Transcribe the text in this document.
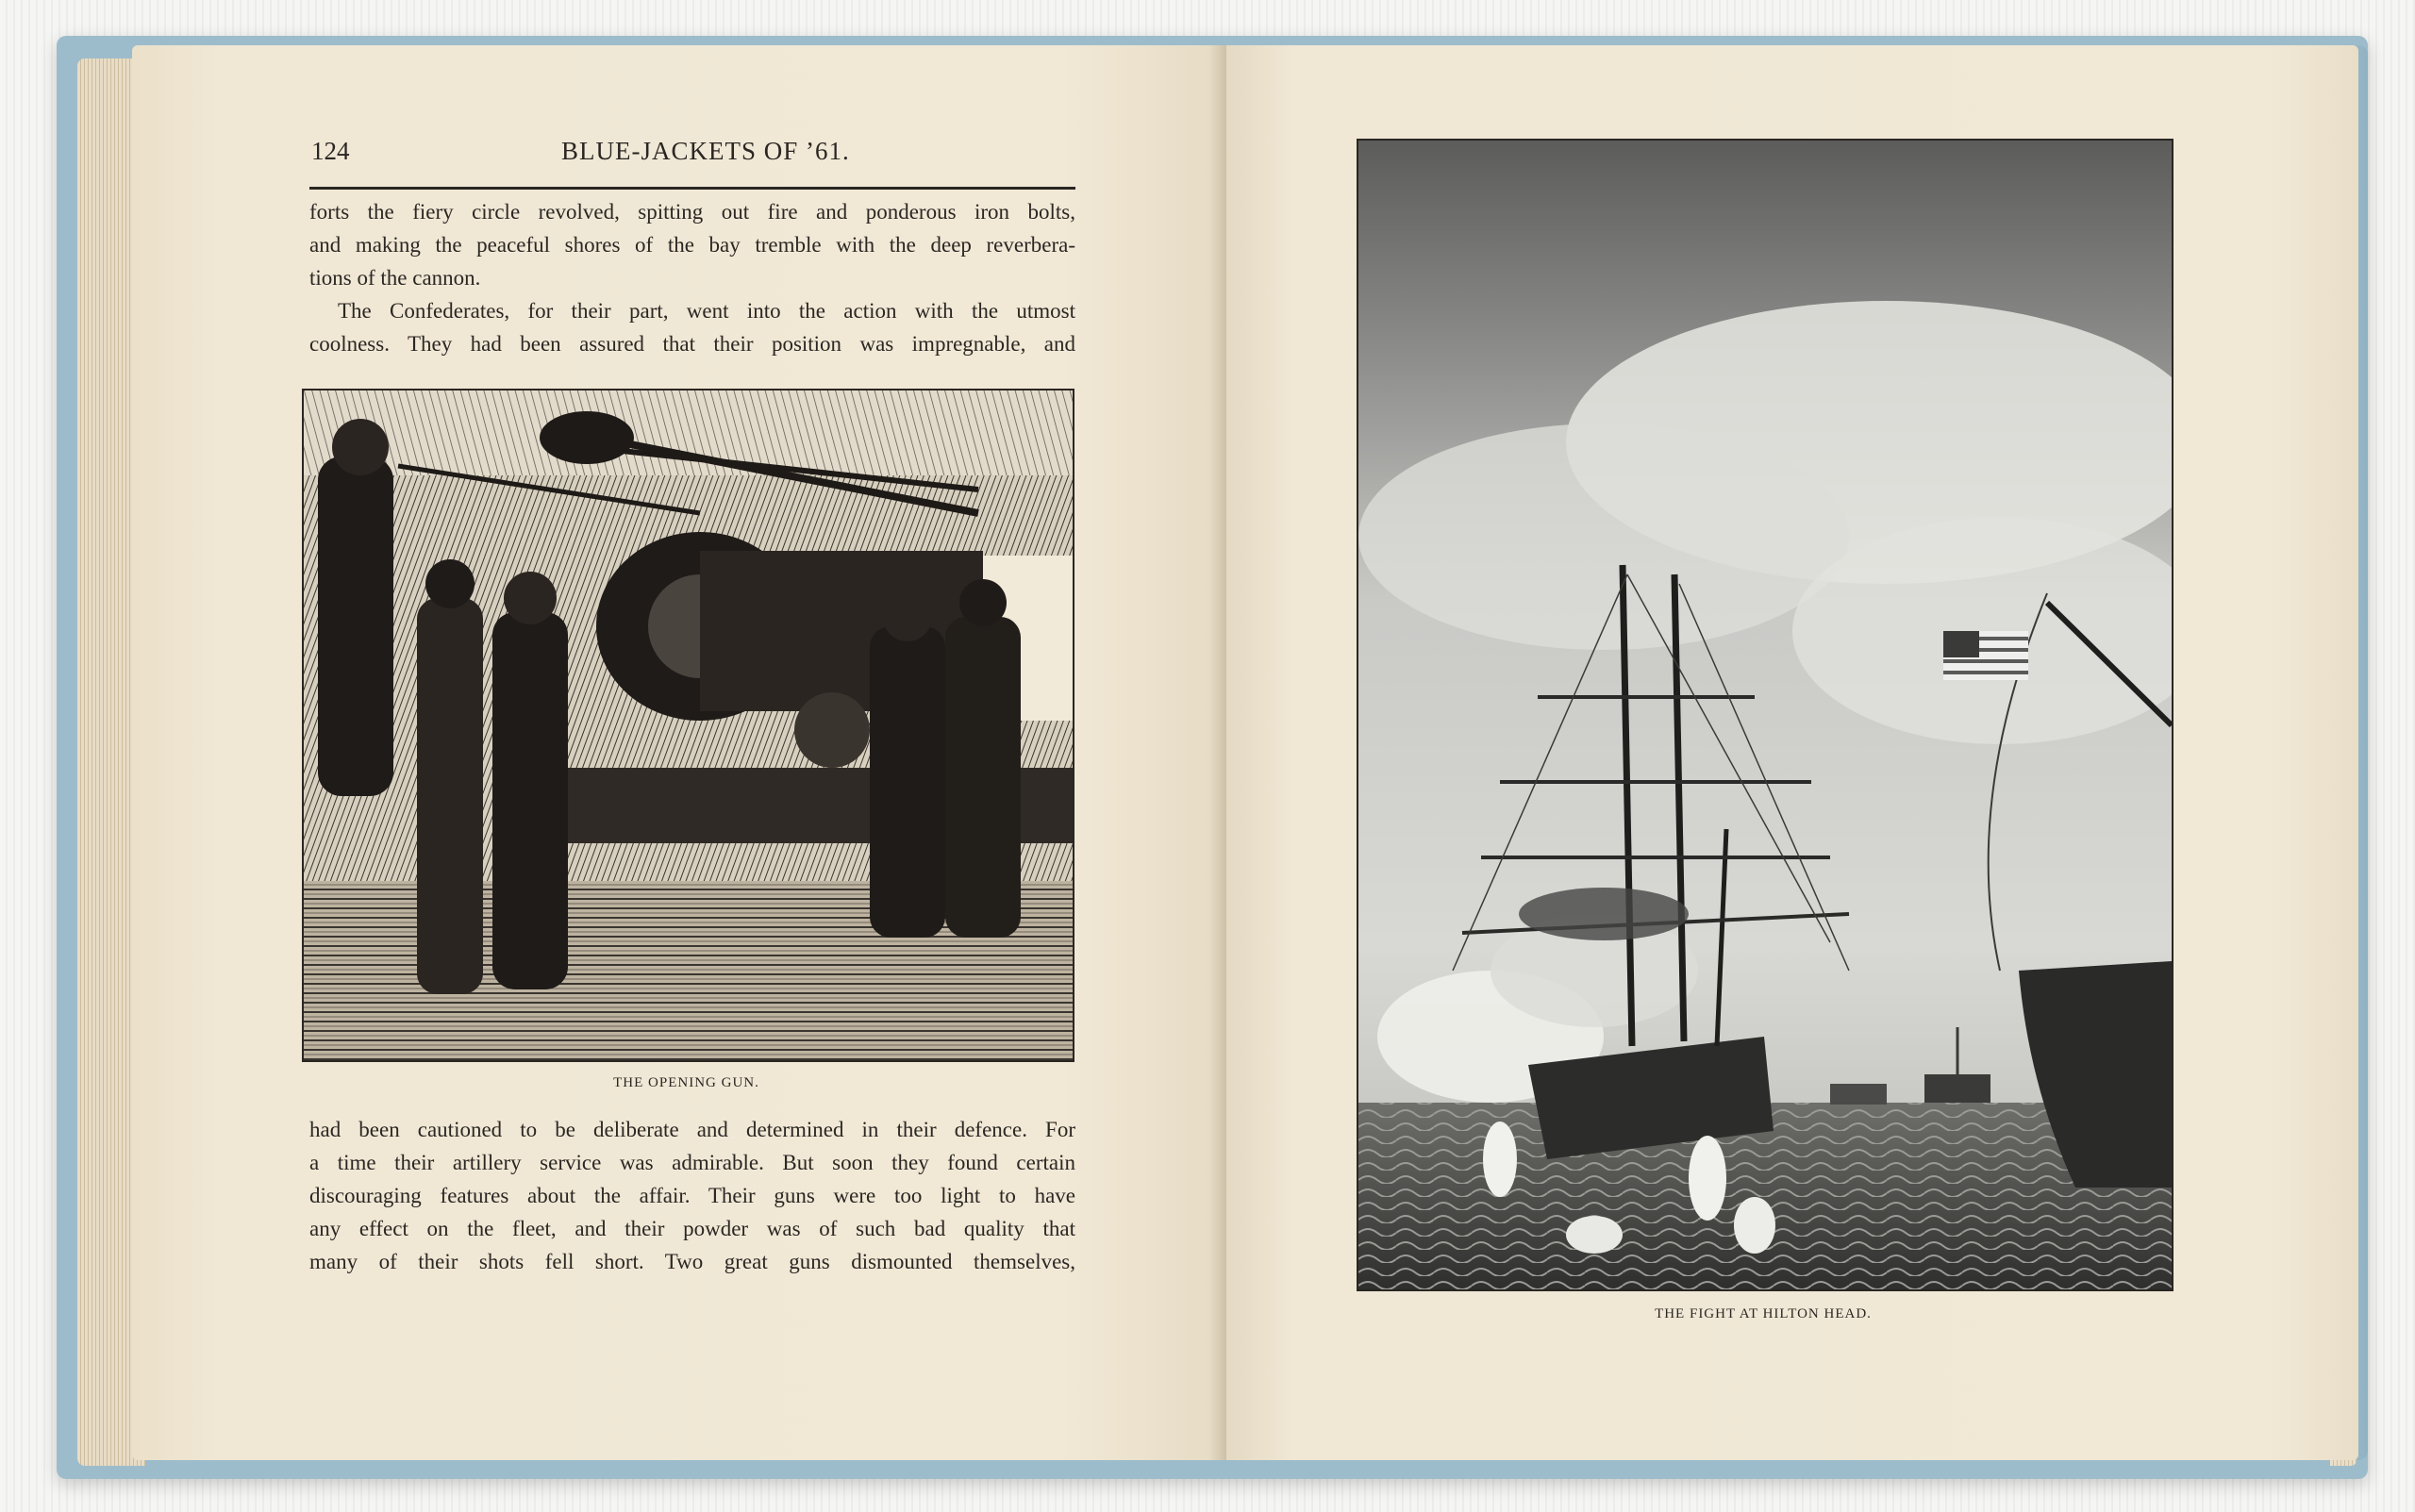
124	BLUE-JACKETS OF ’61.
forts the fiery circle revolved, spitting out fire and ponderous iron bolts,
and making the peaceful shores of the bay tremble with the deep reverbera-
tions of the cannon.
The Confederates, for their part, went into the action with the utmost
coolness. They had been assured that their position was impregnable, and
THE OPENING GUN.
had been cautioned to be deliberate and determined in their defence. For
a time their artillery service was admirable. But soon they found certain
discouraging features about the affair. Their guns were too light to have
any effect on the fleet, and their powder was of such bad quality that
many of their shots fell short. Two great guns dismounted themselves,
THE FIGHT AT HILTON HEAD.
